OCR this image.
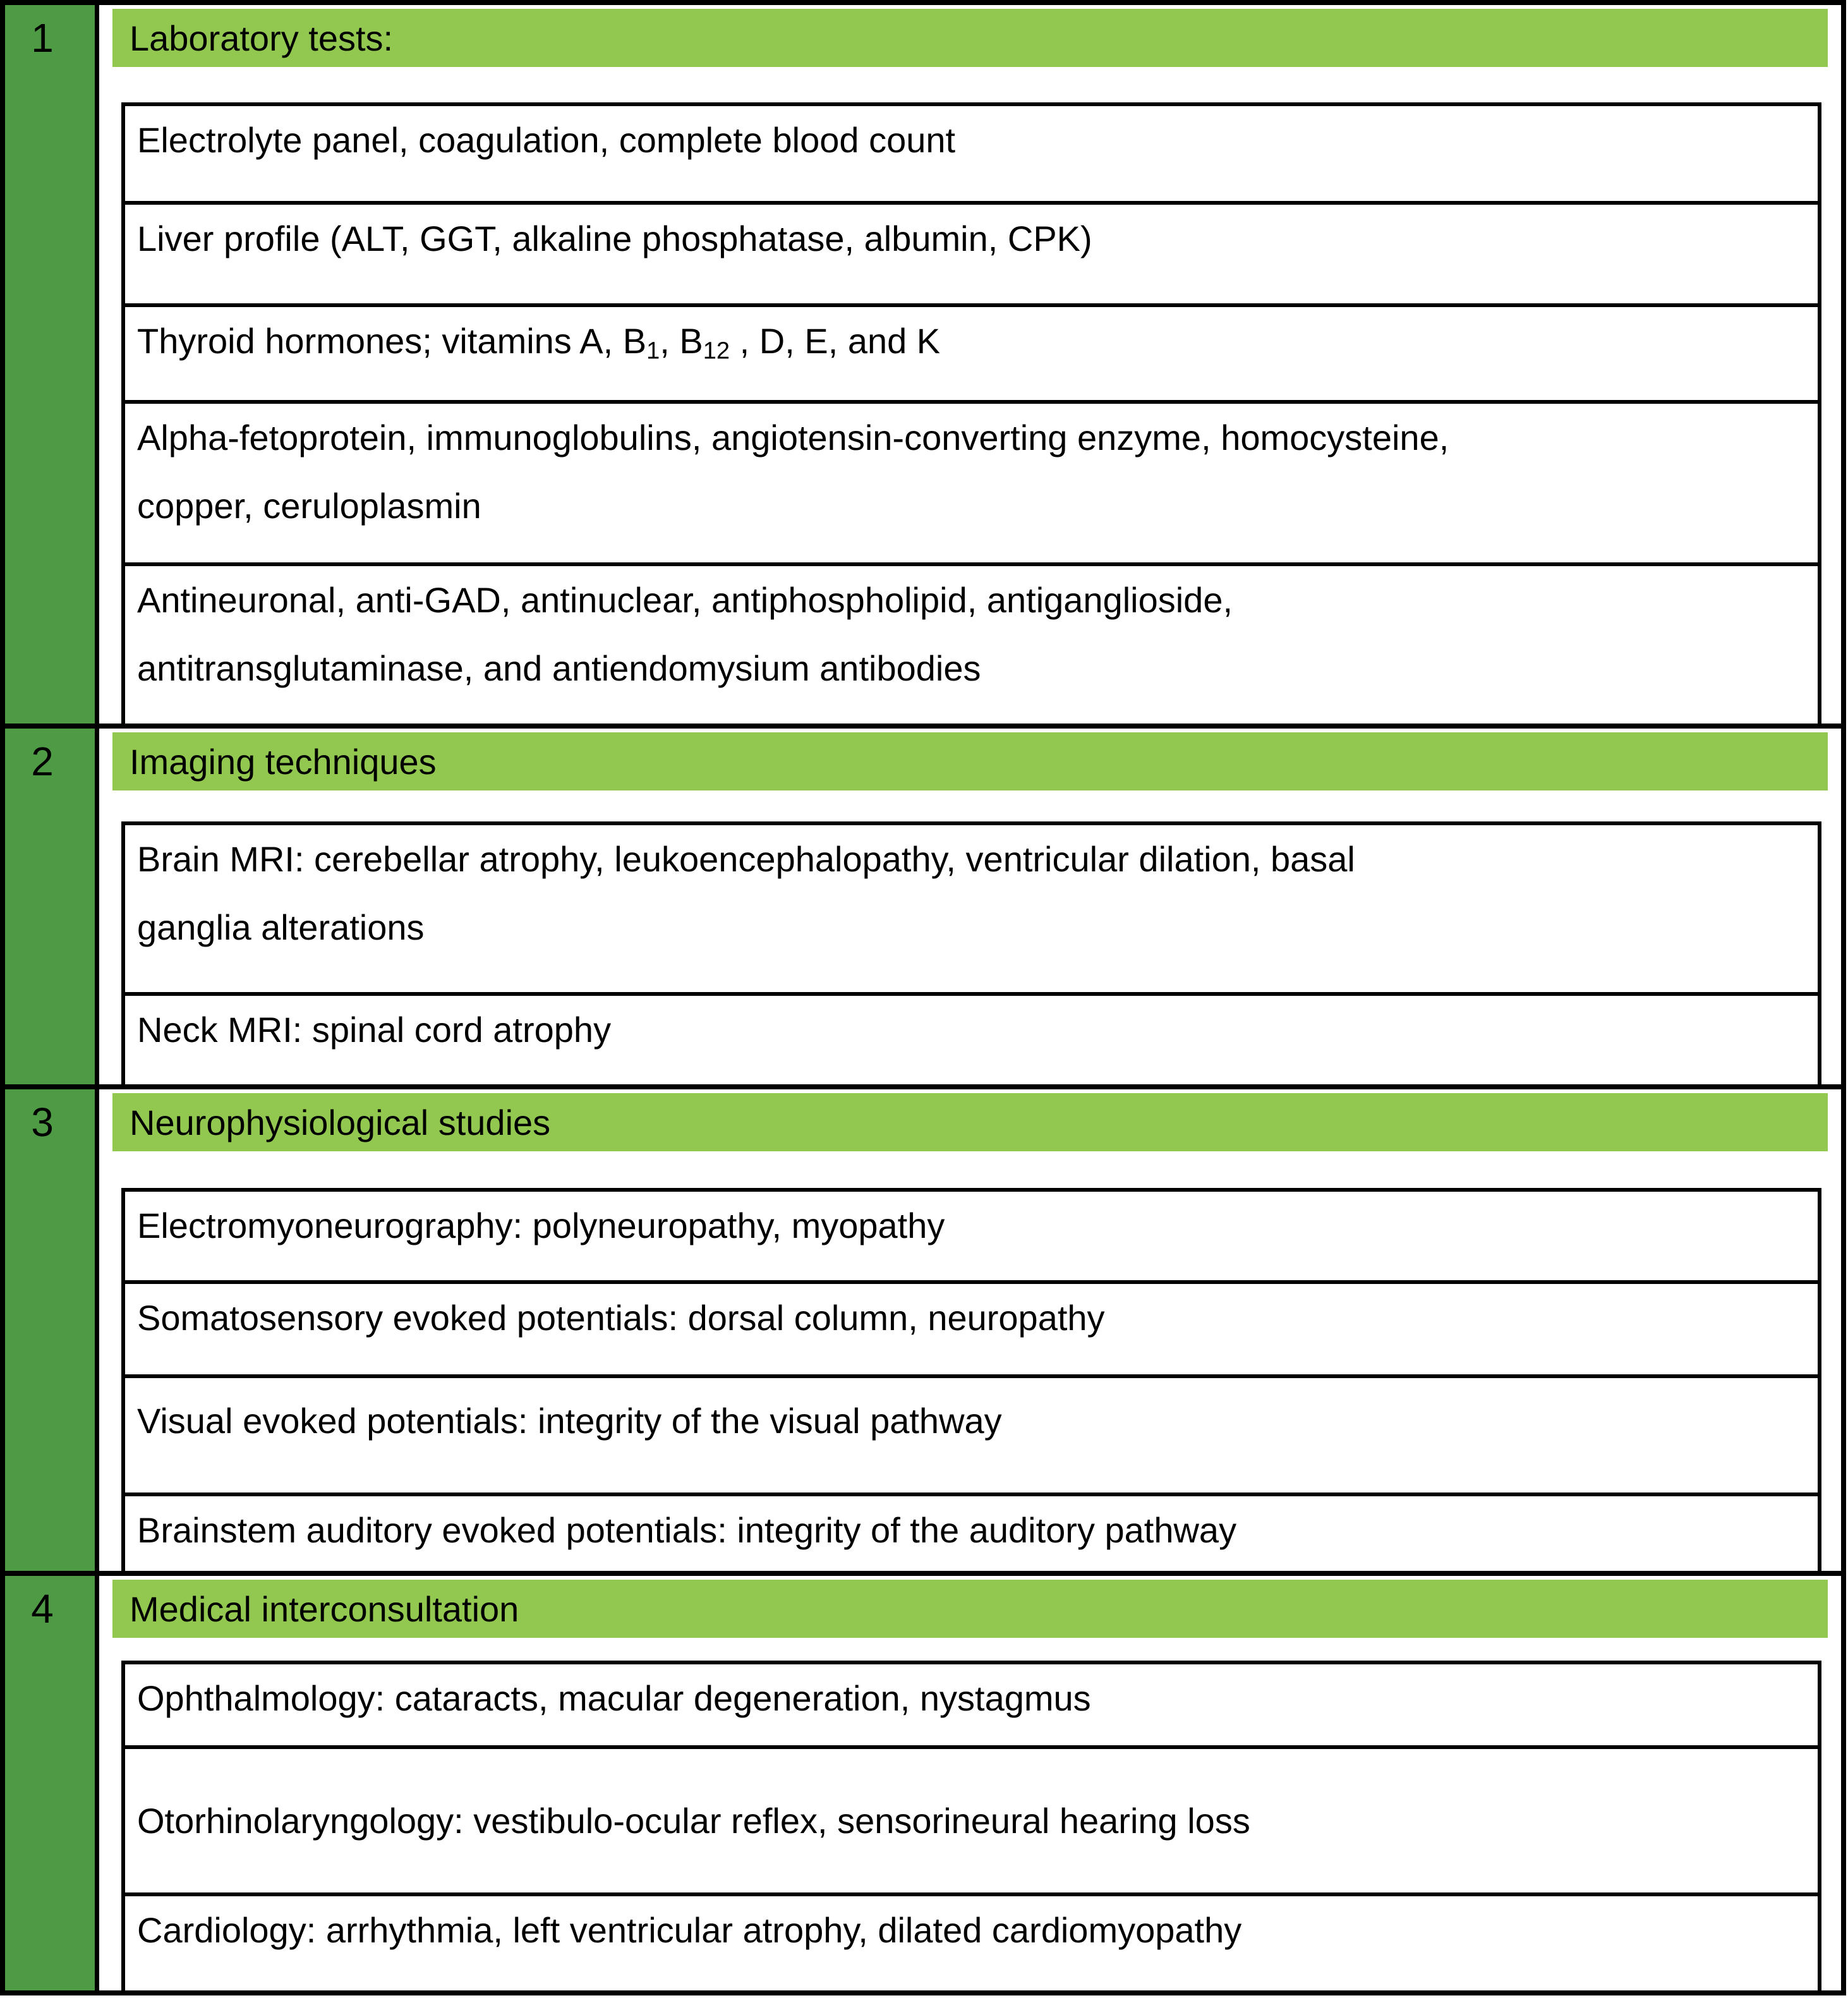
1	Laboratory tests:
Electrolyte panel, coagulation, complete blood count
Liver profile (ALT, GGT, alkaline phosphatase, albumin, CPK)
Thyroid hormones; vitamins A, $B_1$, $B_{12}$ , D, E, and K
Alpha-fetoprotein, immunoglobulins, angiotensin-converting enzyme, homocysteine,
copper, ceruloplasmin
Antineuronal, anti-GAD, antinuclear, antiphospholipid, antiganglioside,
antitransglutaminase, and antiendomysium antibodies
2	Imaging techniques
Brain MRI: cerebellar atrophy, leukoencephalopathy, ventricular dilation, basal
ganglia alterations
Neck MRI: spinal cord atrophy
3	Neurophysiological studies
Electromyoneurography: polyneuropathy, myopathy
Somatosensory evoked potentials: dorsal column, neuropathy
Visual evoked potentials: integrity of the visual pathway
Brainstem auditory evoked potentials: integrity of the auditory pathway
4	Medical interconsultation
Ophthalmology: cataracts, macular degeneration, nystagmus
Otorhinolaryngology: vestibulo-ocular reflex, sensorineural hearing loss
Cardiology: arrhythmia, left ventricular atrophy, dilated cardiomyopathy
